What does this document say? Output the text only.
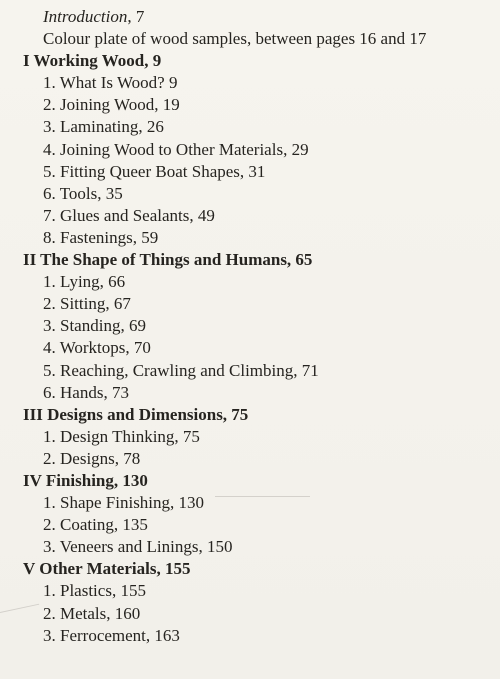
Introduction, 7
Colour plate of wood samples, between pages 16 and 17
I Working Wood, 9
1. What Is Wood? 9
2. Joining Wood, 19
3. Laminating, 26
4. Joining Wood to Other Materials, 29
5. Fitting Queer Boat Shapes, 31
6. Tools, 35
7. Glues and Sealants, 49
8. Fastenings, 59
II The Shape of Things and Humans, 65
1. Lying, 66
2. Sitting, 67
3. Standing, 69
4. Worktops, 70
5. Reaching, Crawling and Climbing, 71
6. Hands, 73
III Designs and Dimensions, 75
1. Design Thinking, 75
2. Designs, 78
IV Finishing, 130
1. Shape Finishing, 130
2. Coating, 135
3. Veneers and Linings, 150
V Other Materials, 155
1. Plastics, 155
2. Metals, 160
3. Ferrocement, 163
